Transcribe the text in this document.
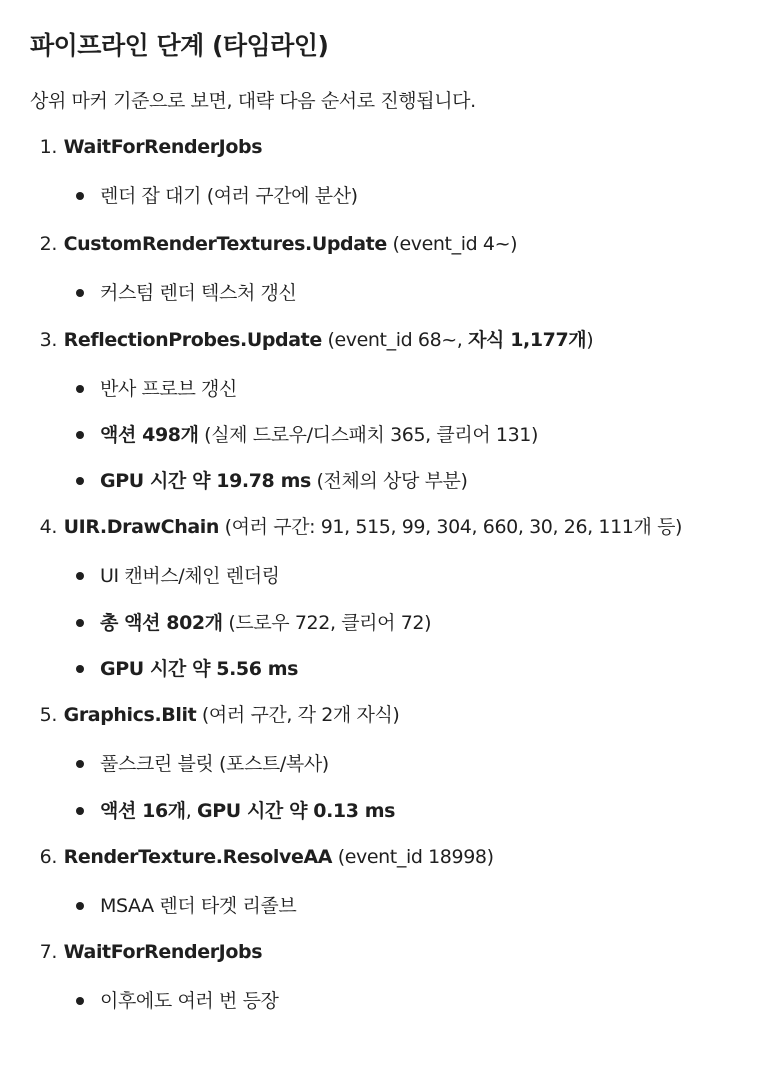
파이프라인 단계 (타임라인)
상위 마커 기준으로 보면, 대략 다음 순서로 진행됩니다.
1.
WaitForRenderJobs
렌더 잡 대기 (여러 구간에 분산)
2.
CustomRenderTextures.Update (event_id 4~)
커스텀 렌더 텍스처 갱신
3.
ReflectionProbes.Update (event_id 68~, 자식 1,177개 )
반사 프로브 갱신
액션 498개 (실제 드로우/디스패치 365, 클리어 131)
GPU 시간 약 19.78 ms (전체의 상당 부분)
4.
UIR.DrawChain (여러 구간: 91, 515, 99, 304, 660, 30, 26, 111개 등)
UI 캔버스/체인 렌더링
총 액션 802개 (드로우 722, 클리어 72)
GPU 시간 약 5.56 ms
5.
Graphics.Blit (여러 구간, 각 2개 자식)
풀스크린 블릿 (포스트/복사)
액션 16개, GPU 시간 약 0.13 ms
6.
RenderTexture.ResolveAA (event_id 18998)
MSAA 렌더 타겟 리졸브
7.
WaitForRenderJobs
이후에도 여러 번 등장
